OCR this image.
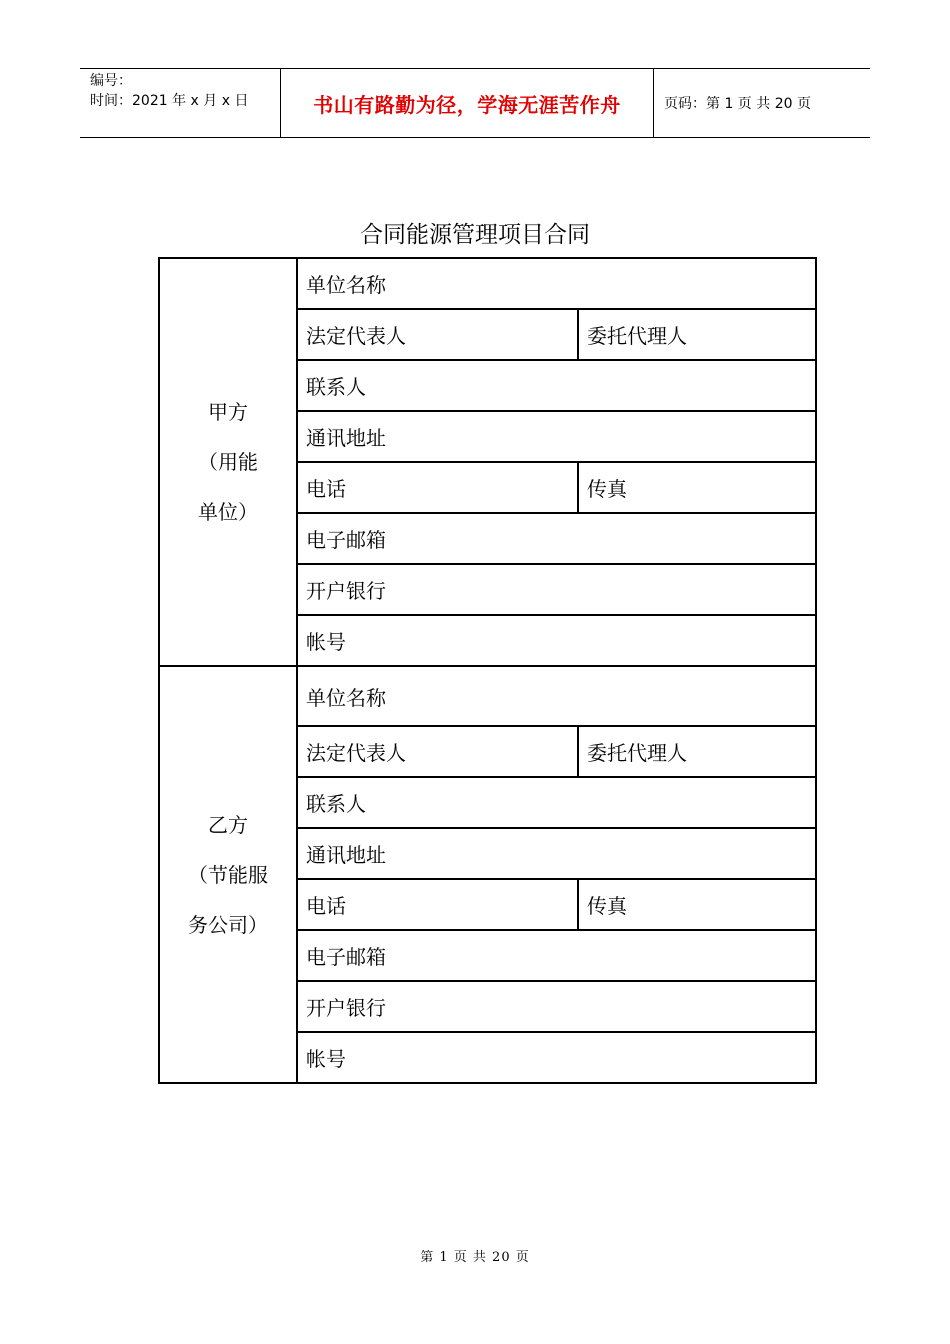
编号：
时间：2021 年 x 月 x 日	书山有路勤为径，学海无涯苦作舟	页码：第 1 页 共 20 页
合同能源管理项目合同
甲方
（用能
单位）	单位名称	
	法定代表人	委托代理人
	联系人	
	通讯地址	
	电话	传真
	电子邮箱	
	开户银行	
	帐号	

乙方
（节能服
务公司）	单位名称	
	法定代表人	委托代理人
	联系人	
	通讯地址	
	电话	传真
	电子邮箱	
	开户银行	
	帐号	
第 1 页 共 20 页
